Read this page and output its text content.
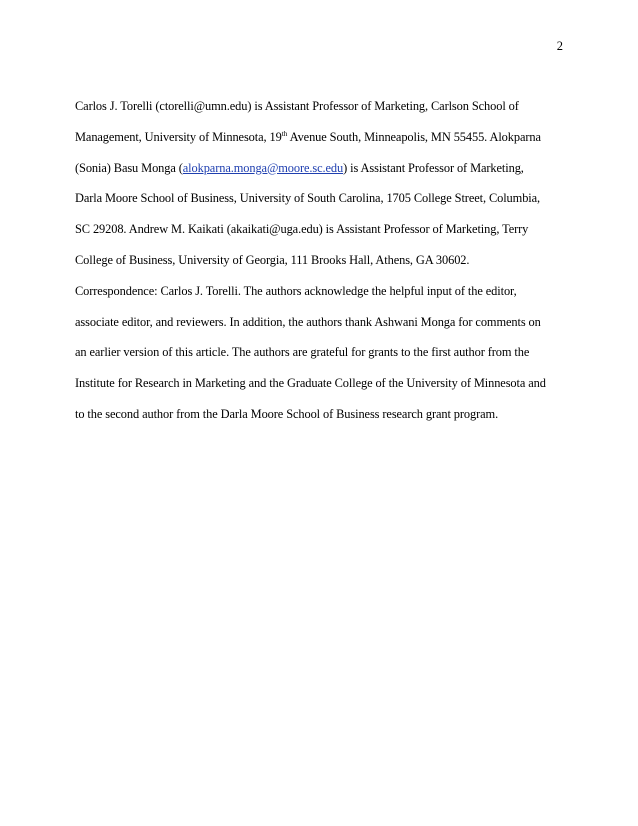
2
Carlos J. Torelli (ctorelli@umn.edu) is Assistant Professor of Marketing, Carlson School of
Management, University of Minnesota, 19th Avenue South, Minneapolis, MN 55455. Alokparna
(Sonia) Basu Monga (alokparna.monga@moore.sc.edu) is Assistant Professor of Marketing,
Darla Moore School of Business, University of South Carolina, 1705 College Street, Columbia,
SC 29208. Andrew M. Kaikati (akaikati@uga.edu) is Assistant Professor of Marketing, Terry
College of Business, University of Georgia, 111 Brooks Hall, Athens, GA 30602.
Correspondence: Carlos J. Torelli. The authors acknowledge the helpful input of the editor,
associate editor, and reviewers. In addition, the authors thank Ashwani Monga for comments on
an earlier version of this article. The authors are grateful for grants to the first author from the
Institute for Research in Marketing and the Graduate College of the University of Minnesota and
to the second author from the Darla Moore School of Business research grant program.
